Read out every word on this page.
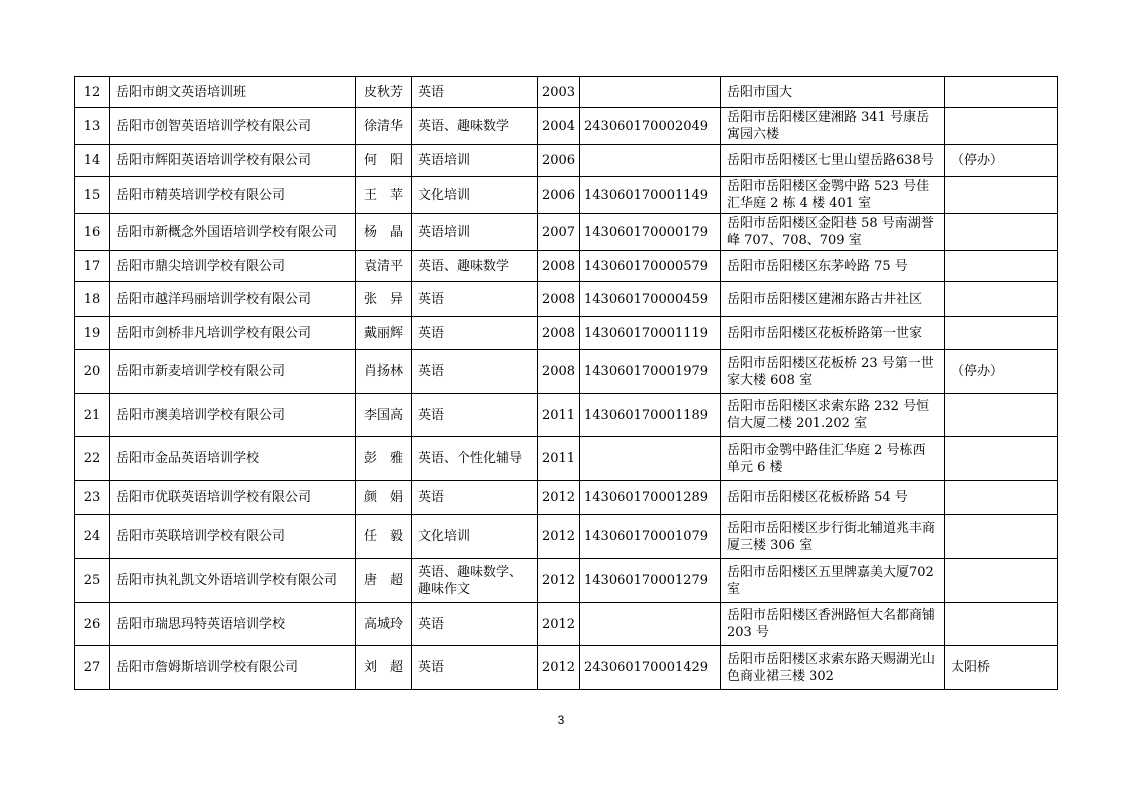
12	岳阳市朗文英语培训班	皮秋芳	英语	2003		岳阳市国大	
13	岳阳市创智英语培训学校有限公司	徐清华	英语、趣味数学	2004	243060170002049	岳阳市岳阳楼区建湘路 341 号康岳寓园六楼	
14	岳阳市辉阳英语培训学校有限公司	何　阳	英语培训	2006		岳阳市岳阳楼区七里山望岳路638号	（停办）
15	岳阳市精英培训学校有限公司	王　苹	文化培训	2006	143060170001149	岳阳市岳阳楼区金鹗中路 523 号佳汇华庭 2 栋 4 楼 401 室	
16	岳阳市新概念外国语培训学校有限公司	杨　晶	英语培训	2007	143060170000179	岳阳市岳阳楼区金阳巷 58 号南湖誉峰 707、708、709 室	
17	岳阳市鼎尖培训学校有限公司	袁清平	英语、趣味数学	2008	143060170000579	岳阳市岳阳楼区东茅岭路 75 号	
18	岳阳市越洋玛丽培训学校有限公司	张　异	英语	2008	143060170000459	岳阳市岳阳楼区建湘东路古井社区	
19	岳阳市剑桥非凡培训学校有限公司	戴丽辉	英语	2008	143060170001119	岳阳市岳阳楼区花板桥路第一世家	
20	岳阳市新麦培训学校有限公司	肖扬林	英语	2008	143060170001979	岳阳市岳阳楼区花板桥 23 号第一世家大楼 608 室	（停办）
21	岳阳市澳美培训学校有限公司	李国高	英语	2011	143060170001189	岳阳市岳阳楼区求索东路 232 号恒信大厦二楼 201.202 室	
22	岳阳市金品英语培训学校	彭　雅	英语、个性化辅导	2011		岳阳市金鹗中路佳汇华庭 2 号栋西单元 6 楼	
23	岳阳市优联英语培训学校有限公司	颜　娟	英语	2012	143060170001289	岳阳市岳阳楼区花板桥路 54 号	
24	岳阳市英联培训学校有限公司	任　毅	文化培训	2012	143060170001079	岳阳市岳阳楼区步行街北辅道兆丰商厦三楼 306 室	
25	岳阳市执礼凯文外语培训学校有限公司	唐　超	英语、趣味数学、趣味作文	2012	143060170001279	岳阳市岳阳楼区五里牌嘉美大厦702 室	
26	岳阳市瑞思玛特英语培训学校	高城玲	英语	2012		岳阳市岳阳楼区香洲路恒大名都商铺 203 号	
27	岳阳市詹姆斯培训学校有限公司	刘　超	英语	2012	243060170001429	岳阳市岳阳楼区求索东路天赐湖光山色商业裙三楼 302	太阳桥
3
